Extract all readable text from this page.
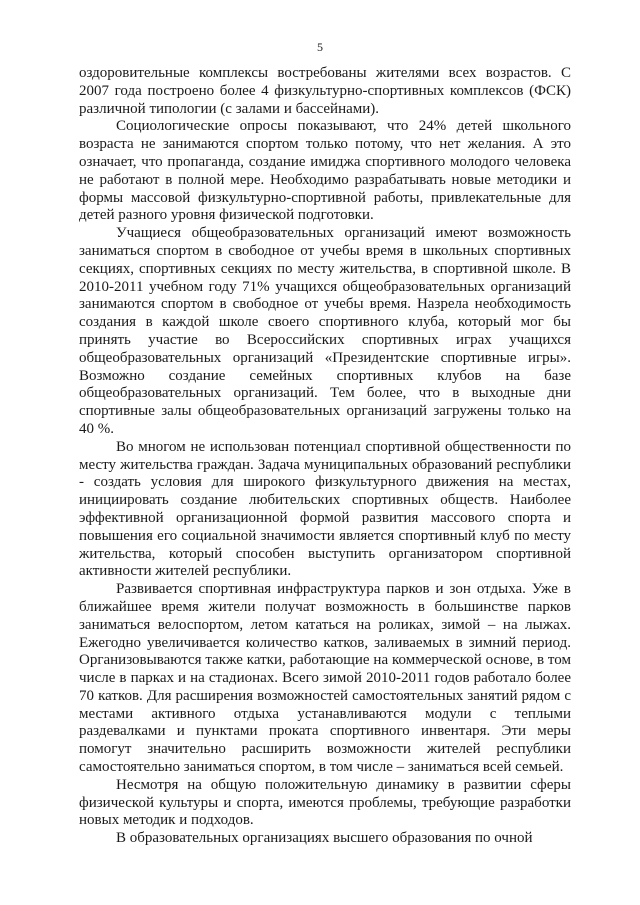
5

оздоровительные комплексы востребованы жителями всех возрастов. С 2007 года построено более 4 физкультурно-спортивных комплексов (ФСК) различной типологии (с залами и бассейнами).

Социологические опросы показывают, что 24% детей школьного возраста не занимаются спортом только потому, что нет желания. А это означает, что пропаганда, создание имиджа спортивного молодого человека не работают в полной мере. Необходимо разрабатывать новые методики и формы массовой физкультурно-спортивной работы, привлекательные для детей разного уровня физической подготовки.

Учащиеся общеобразовательных организаций имеют возможность заниматься спортом в свободное от учебы время в школьных спортивных секциях, спортивных секциях по месту жительства, в спортивной школе. В 2010-2011 учебном году 71% учащихся общеобразовательных организаций занимаются спортом в свободное от учебы время. Назрела необходимость создания в каждой школе своего спортивного клуба, который мог бы принять участие во Всероссийских спортивных играх учащихся общеобразовательных организаций «Президентские спортивные игры». Возможно создание семейных спортивных клубов на базе общеобразовательных организаций. Тем более, что в выходные дни спортивные залы общеобразовательных организаций загружены только на 40 %.

Во многом не использован потенциал спортивной общественности по месту жительства граждан. Задача муниципальных образований республики - создать условия для широкого физкультурного движения на местах, инициировать создание любительских спортивных обществ. Наиболее эффективной организационной формой развития массового спорта и повышения его социальной значимости является спортивный клуб по месту жительства, который способен выступить организатором спортивной активности жителей республики.

Развивается спортивная инфраструктура парков и зон отдыха. Уже в ближайшее время жители получат возможность в большинстве парков заниматься велоспортом, летом кататься на роликах, зимой – на лыжах. Ежегодно увеличивается количество катков, заливаемых в зимний период. Организовываются также катки, работающие на коммерческой основе, в том числе в парках и на стадионах. Всего зимой 2010-2011 годов работало более 70 катков. Для расширения возможностей самостоятельных занятий рядом с местами активного отдыха устанавливаются модули с теплыми раздевалками и пунктами проката спортивного инвентаря. Эти меры помогут значительно расширить возможности жителей республики самостоятельно заниматься спортом, в том числе – заниматься всей семьей.

Несмотря на общую положительную динамику в развитии сферы физической культуры и спорта, имеются проблемы, требующие разработки новых методик и подходов.

В образовательных организациях высшего образования по очной
